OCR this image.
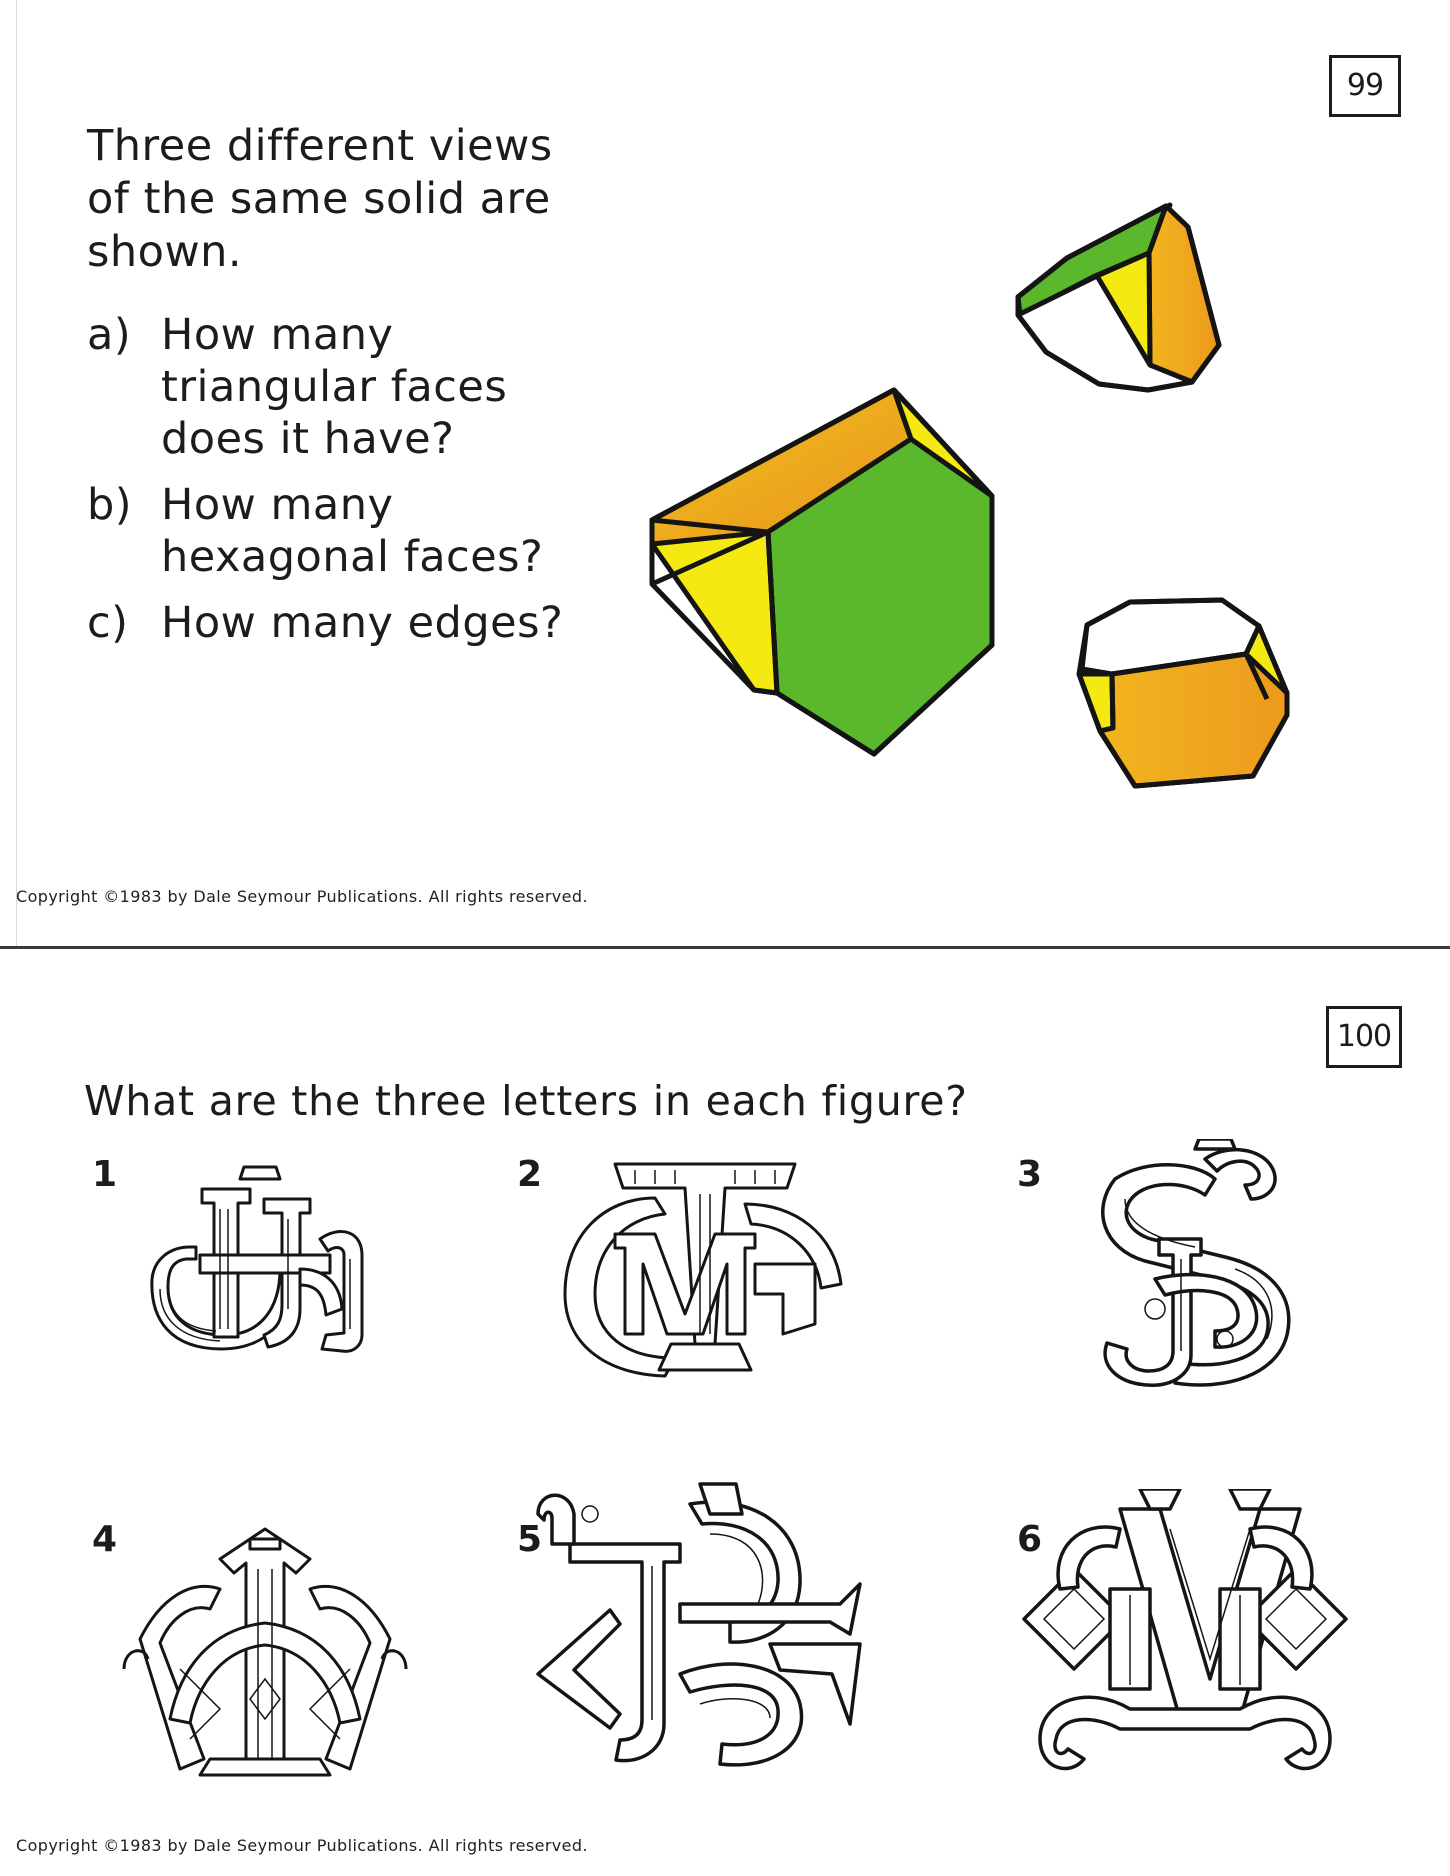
99
Three different views of the same solid are shown.
a) How many triangular faces does it have?
b) How many hexagonal faces?
c) How many edges?
Copyright ©1983 by Dale Seymour Publications. All rights reserved.
100
What are the three letters in each figure?
1	2	3
4	5	6
Copyright ©1983 by Dale Seymour Publications. All rights reserved.
